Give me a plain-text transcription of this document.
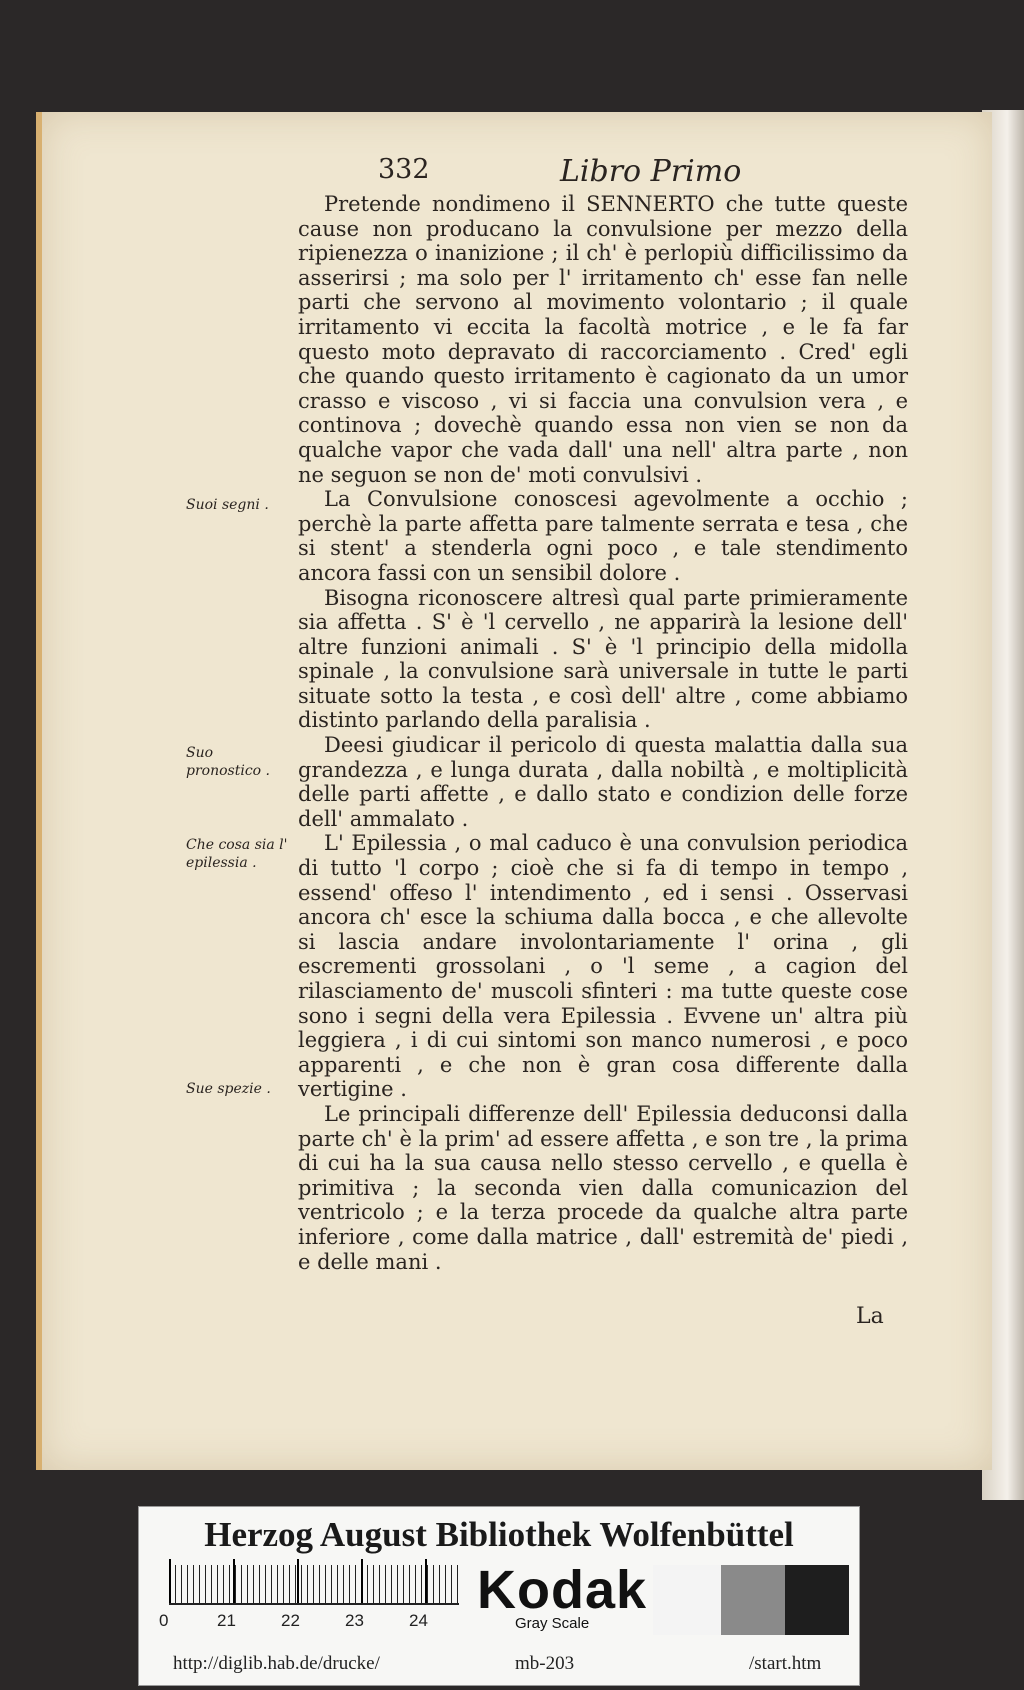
332	Libro Primo

Pretende nondimeno il SENNERTO che tutte queste cause non producano la convulsione per mezzo della ripienezza o inanizione ; il ch' è perlopiù difficilissimo da asserirsi ; ma solo per l' irritamento ch' esse fan nelle parti che servono al movimento volontario ; il quale irritamento vi eccita la facoltà motrice , e le fa far questo moto depravato di raccorciamento . Cred' egli che quando questo irritamento è cagionato da un umor crasso e viscoso , vi si faccia una convulsion vera , e continova ; dovechè quando essa non vien se non da qualche vapor che vada dall' una nell' altra parte , non ne seguon se non de' moti convulsivi .

La Convulsione conoscesi agevolmente a occhio ; perchè la parte affetta pare talmente serrata e tesa , che si stent' a stenderla ogni poco , e tale stendimento ancora fassi con un sensibil dolore .

Bisogna riconoscere altresì qual parte primieramente sia affetta . S' è 'l cervello , ne apparirà la lesione dell' altre funzioni animali . S' è 'l principio della midolla spinale , la convulsione sarà universale in tutte le parti situate sotto la testa , e così dell' altre , come abbiamo distinto parlando della paralisia .

Deesi giudicar il pericolo di questa malattia dalla sua grandezza , e lunga durata , dalla nobiltà , e moltiplicità delle parti affette , e dallo stato e condizion delle forze dell' ammalato .

L' Epilessia , o mal caduco è una convulsion periodica di tutto 'l corpo ; cioè che si fa di tempo in tempo , essend' offeso l' intendimento , ed i sensi . Osservasi ancora ch' esce la schiuma dalla bocca , e che allevolte si lascia andare involontariamente l' orina , gli escrementi grossolani , o 'l seme , a cagion del rilasciamento de' muscoli sfinteri : ma tutte queste cose sono i segni della vera Epilessia . Evvene un' altra più leggiera , i di cui sintomi son manco numerosi , e poco apparenti , e che non è gran cosa differente dalla vertigine .

Le principali differenze dell' Epilessia deduconsi dalla parte ch' è la prim' ad essere affetta , e son tre , la prima di cui ha la sua causa nello stesso cervello , e quella è primitiva ; la seconda vien dalla comunicazion del ventricolo ; e la terza procede da qualche altra parte inferiore , come dalla matrice , dall' estremità de' piedi , e delle mani .

Suoi segni .
Suo pronostico .
Che cosa sia l' epilessia .
Sue spezie .
La
Herzog August Bibliothek Wolfenbüttel
0	21	22	23	24
Kodak
Gray Scale
http://diglib.hab.de/drucke/	mb-203	/start.htm
